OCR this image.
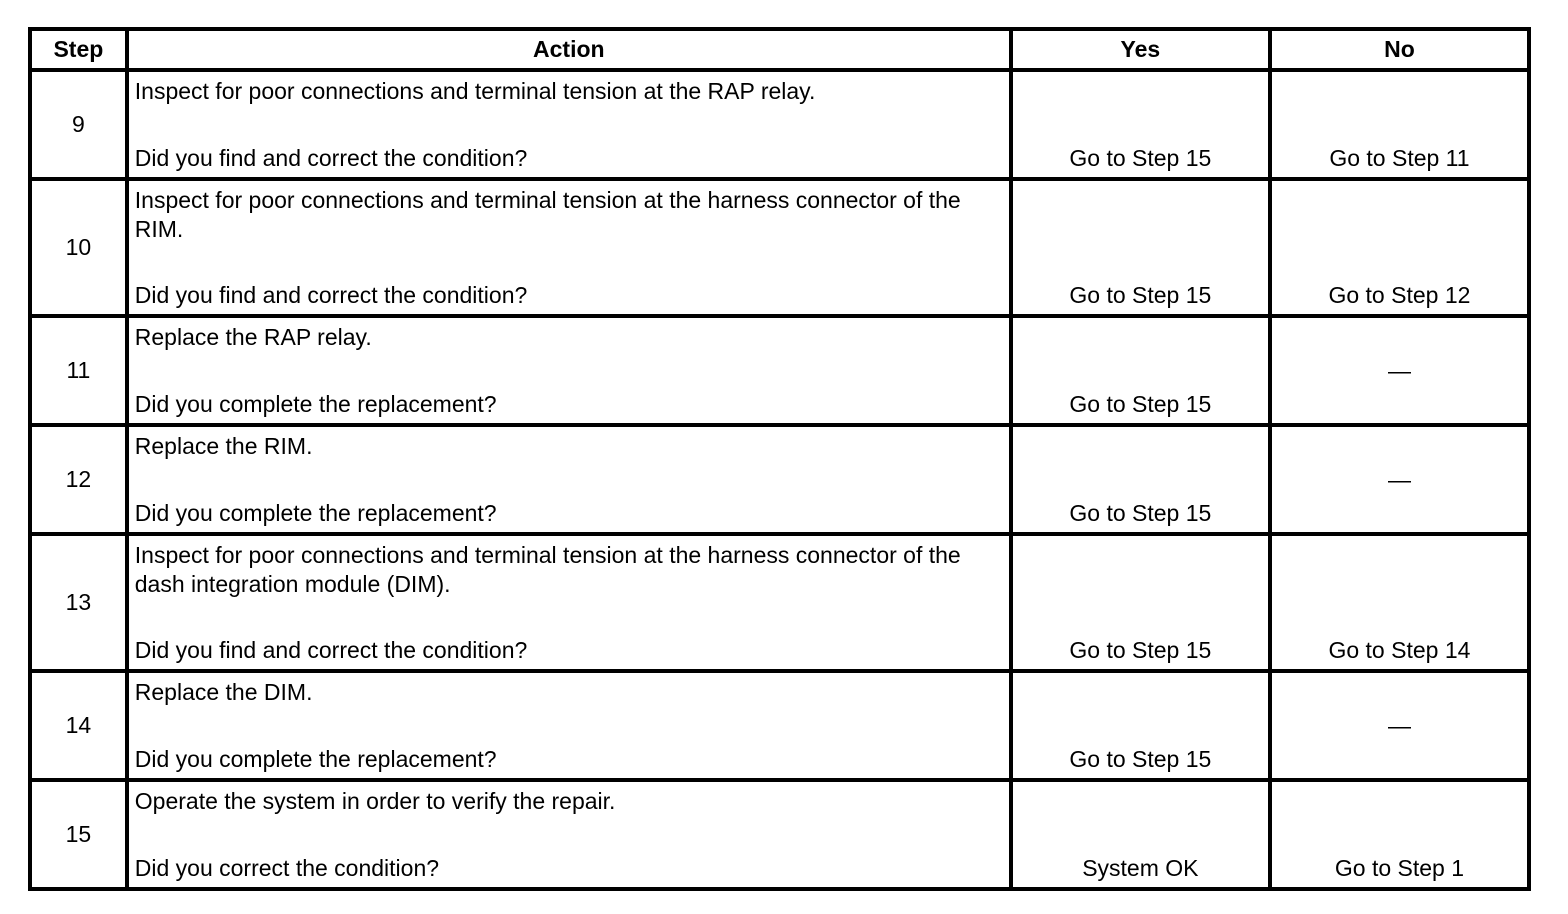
Step	Action	Yes	No
9	Inspect for poor connections and terminal tension at the RAP relay.
Did you find and correct the condition?	Go to Step 15	Go to Step 11

10	Inspect for poor connections and terminal tension at the harness connector of the RIM.
Did you find and correct the condition?	Go to Step 15	Go to Step 12

11	Replace the RAP relay.
Did you complete the replacement?	Go to Step 15	—

12	Replace the RIM.
Did you complete the replacement?	Go to Step 15	—

13	Inspect for poor connections and terminal tension at the harness connector of the dash integration module (DIM).
Did you find and correct the condition?	Go to Step 15	Go to Step 14

14	Replace the DIM.
Did you complete the replacement?	Go to Step 15	—

15	Operate the system in order to verify the repair.
Did you correct the condition?	System OK	Go to Step 1
